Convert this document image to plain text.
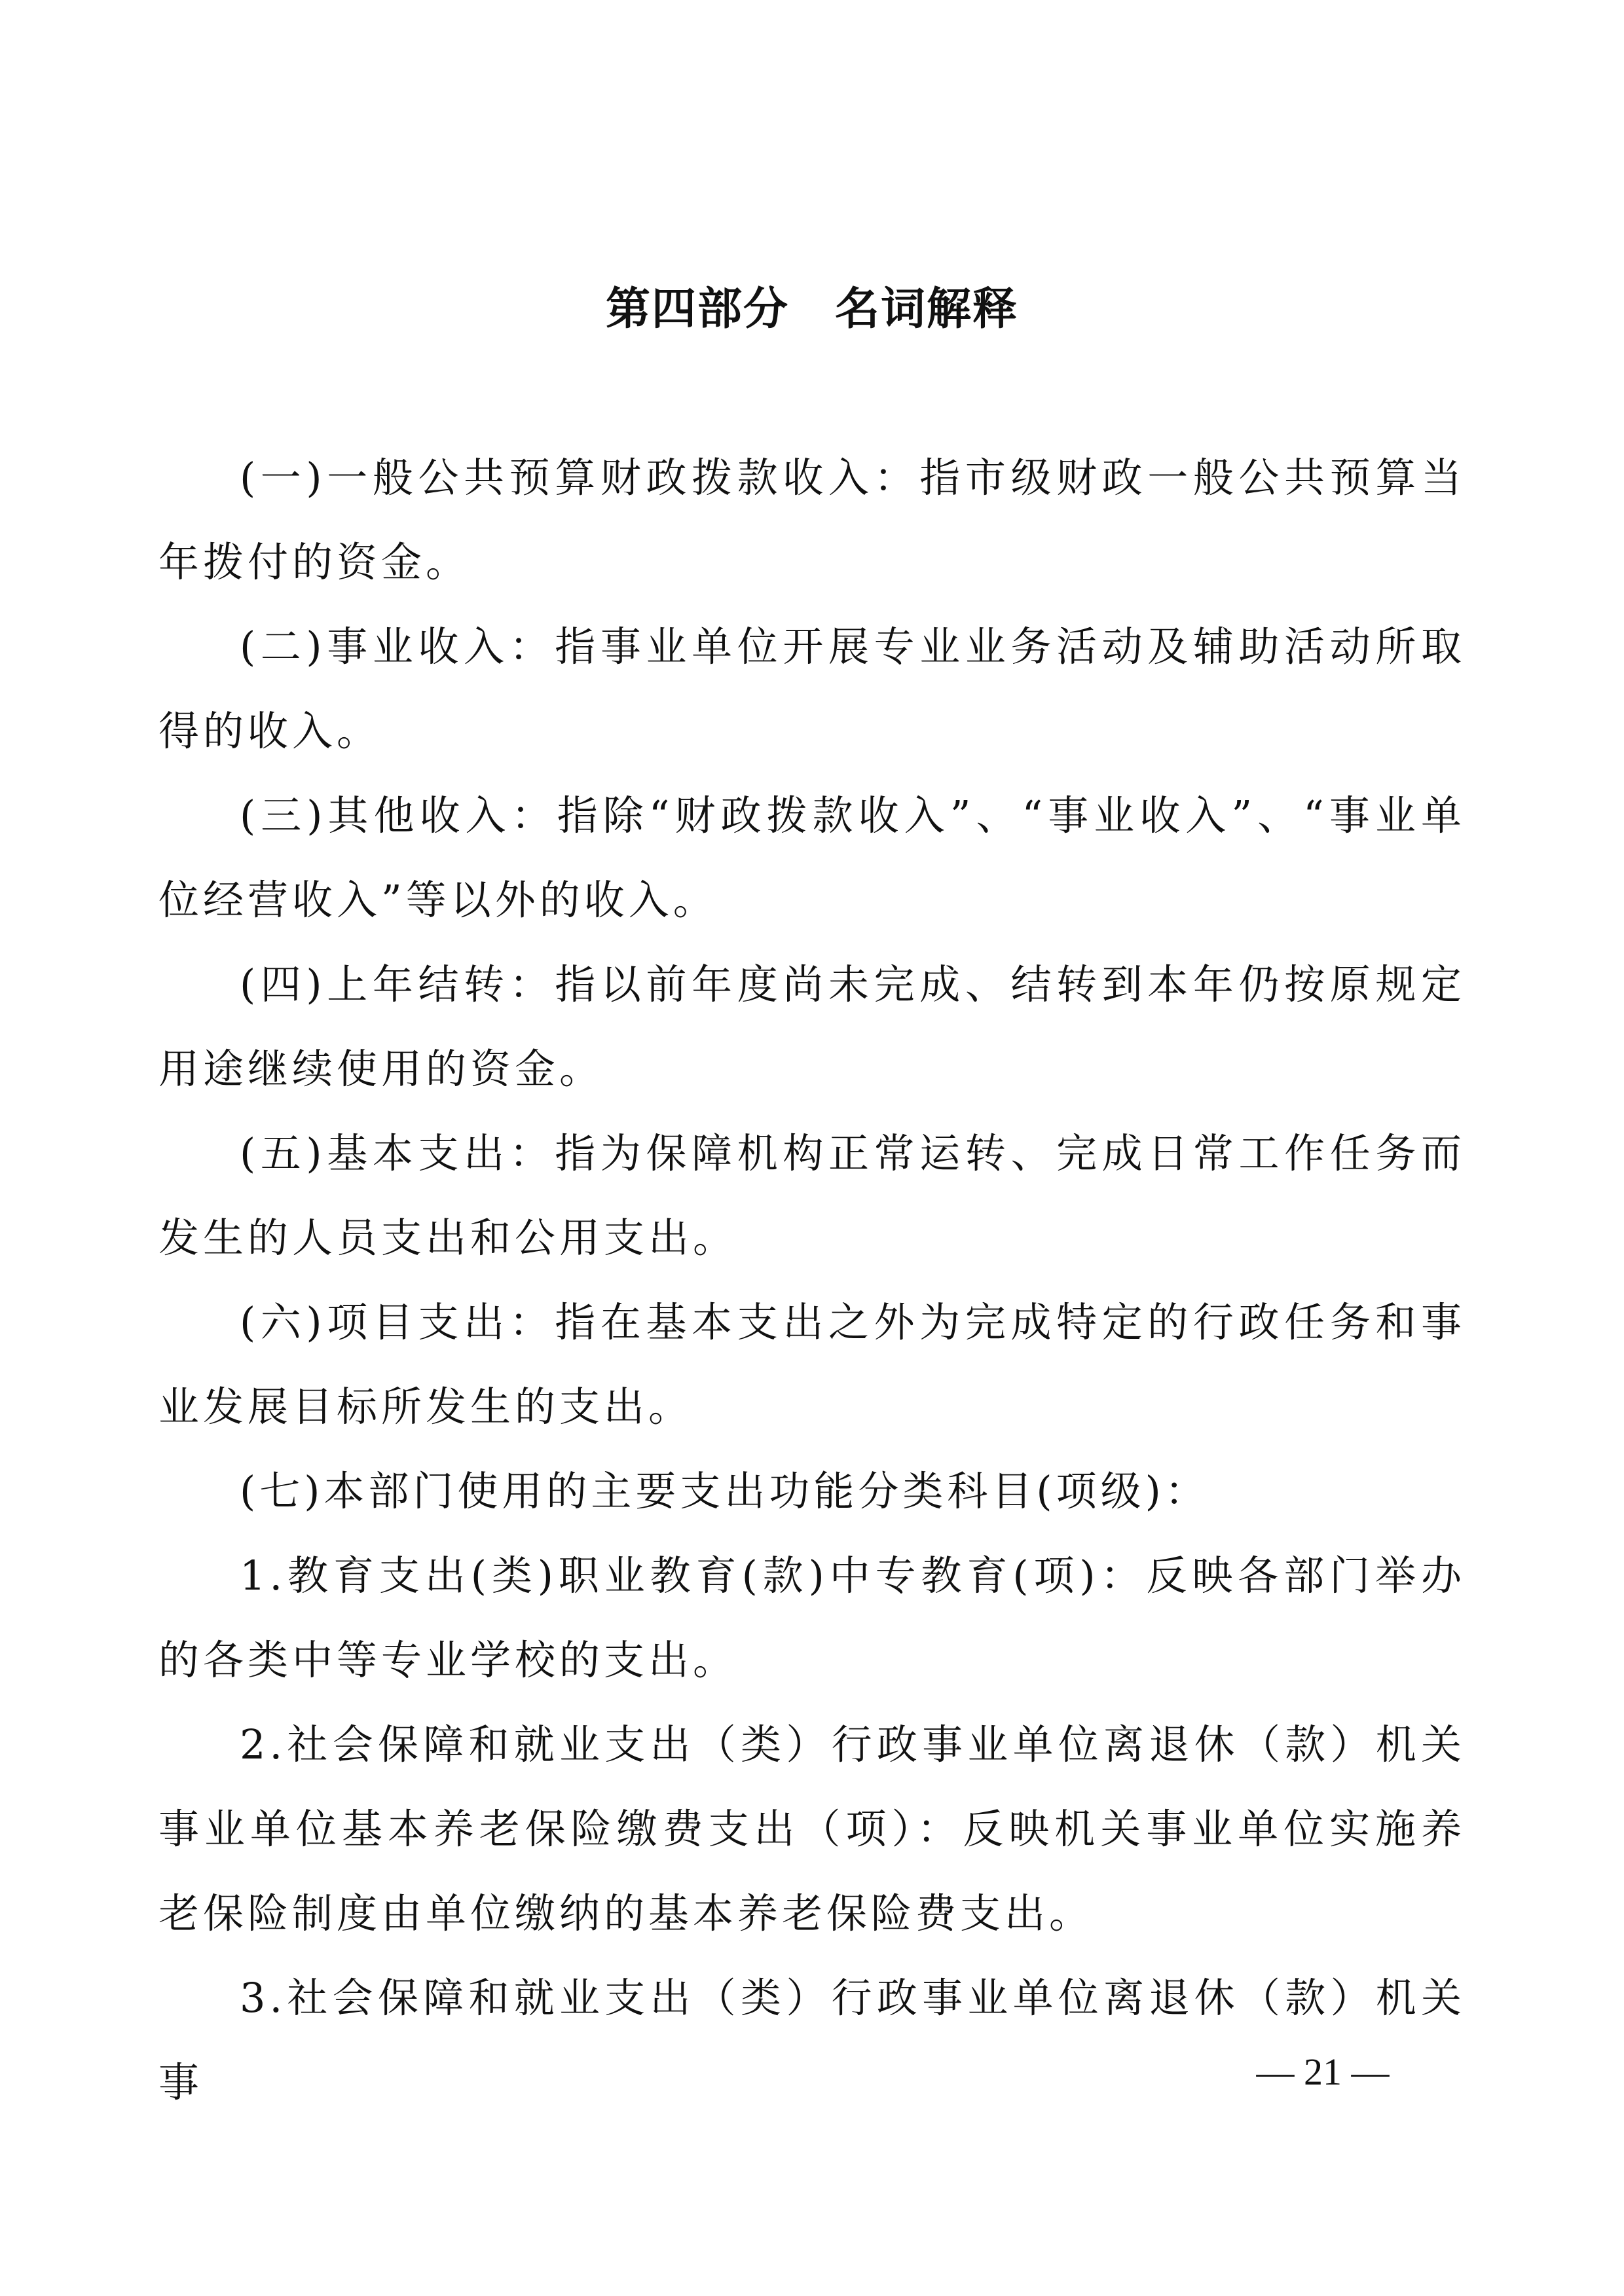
第四部分　名词解释

(一)一般公共预算财政拨款收入：指市级财政一般公共预算当年拨付的资金。

(二)事业收入：指事业单位开展专业业务活动及辅助活动所取得的收入。

(三)其他收入：指除“财政拨款收入”、“事业收入”、“事业单位经营收入”等以外的收入。

(四)上年结转：指以前年度尚未完成、结转到本年仍按原规定用途继续使用的资金。

(五)基本支出：指为保障机构正常运转、完成日常工作任务而发生的人员支出和公用支出。

(六)项目支出：指在基本支出之外为完成特定的行政任务和事业发展目标所发生的支出。

(七)本部门使用的主要支出功能分类科目(项级)：

1.教育支出(类)职业教育(款)中专教育(项)：反映各部门举办的各类中等专业学校的支出。

2.社会保障和就业支出（类）行政事业单位离退休（款）机关事业单位基本养老保险缴费支出（项）：反映机关事业单位实施养老保险制度由单位缴纳的基本养老保险费支出。

3.社会保障和就业支出（类）行政事业单位离退休（款）机关事	— 21 —
